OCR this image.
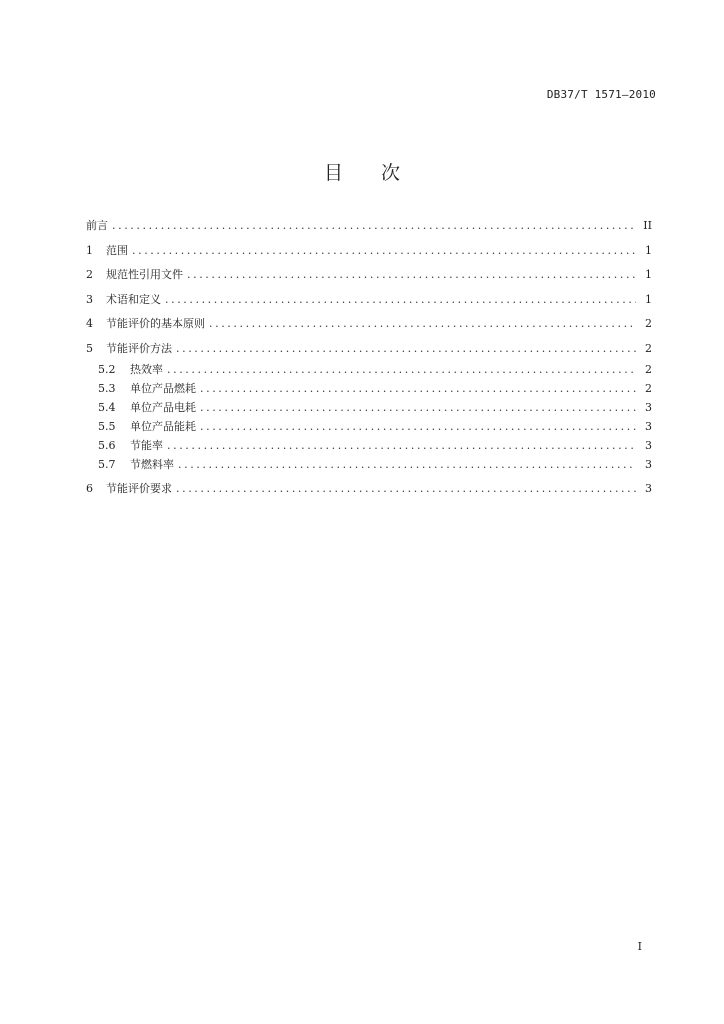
DB37/T 1571—2010
目次
前言 .....	II
1	范围 .....	1
2	规范性引用文件 .....	1
3	术语和定义 .....	1
4	节能评价的基本原则 .....	2
5	节能评价方法 .....	2
5.2	热效率 .....	2
5.3	单位产品燃耗 .....	2
5.4	单位产品电耗 .....	3
5.5	单位产品能耗 .....	3
5.6	节能率 .....	3
5.7	节燃料率 .....	3
6	节能评价要求 .....	3
I
